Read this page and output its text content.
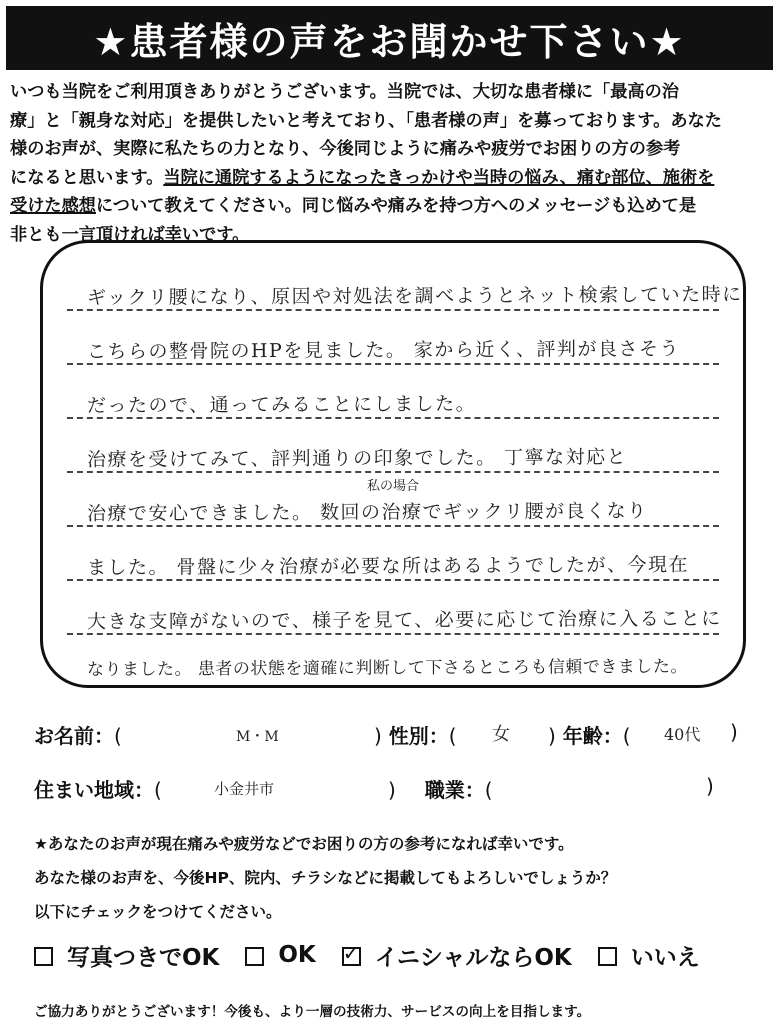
★患者様の声をお聞かせ下さい★
いつも当院をご利用頂きありがとうございます。当院では、大切な患者様に「最高の治
療」と「親身な対応」を提供したいと考えており、「患者様の声」を募っております。あなた
様のお声が、実際に私たちの力となり、今後同じように痛みや疲労でお困りの方の参考
になると思います。当院に通院するようになったきっかけや当時の悩み、痛む部位、施術を
受けた感想について教えてください。同じ悩みや痛みを持つ方へのメッセージも込めて是
非とも一言頂ければ幸いです。
ギックリ腰になり、原因や対処法を調べようとネット検索していた時に
こちらの整骨院のHPを見ました。 家から近く、評判が良さそう
だったので、通ってみることにしました。
治療を受けてみて、評判通りの印象でした。 丁寧な対応と
私の場合
治療で安心できました。 数回の治療でギックリ腰が良くなり
ました。 骨盤に少々治療が必要な所はあるようでしたが、今現在
大きな支障がないので、様子を見て、必要に応じて治療に入ることに
なりました。 患者の状態を適確に判断して下さるところも信頼できました。
お名前：(	M・M	) 性別：( 女 ) 年齢：( 40代 )
住まい地域：(	小金井市	) 職業：(	)
★あなたのお声が現在痛みや疲労などでお困りの方の参考になれば幸いです。
あなた様のお声を、今後HP、院内、チラシなどに掲載してもよろしいでしょうか？
以下にチェックをつけてください。
写真つきでOK	OK
✓	イニシャルならOK	いいえ
ご協力ありがとうございます！今後も、より一層の技術力、サービスの向上を目指します。
